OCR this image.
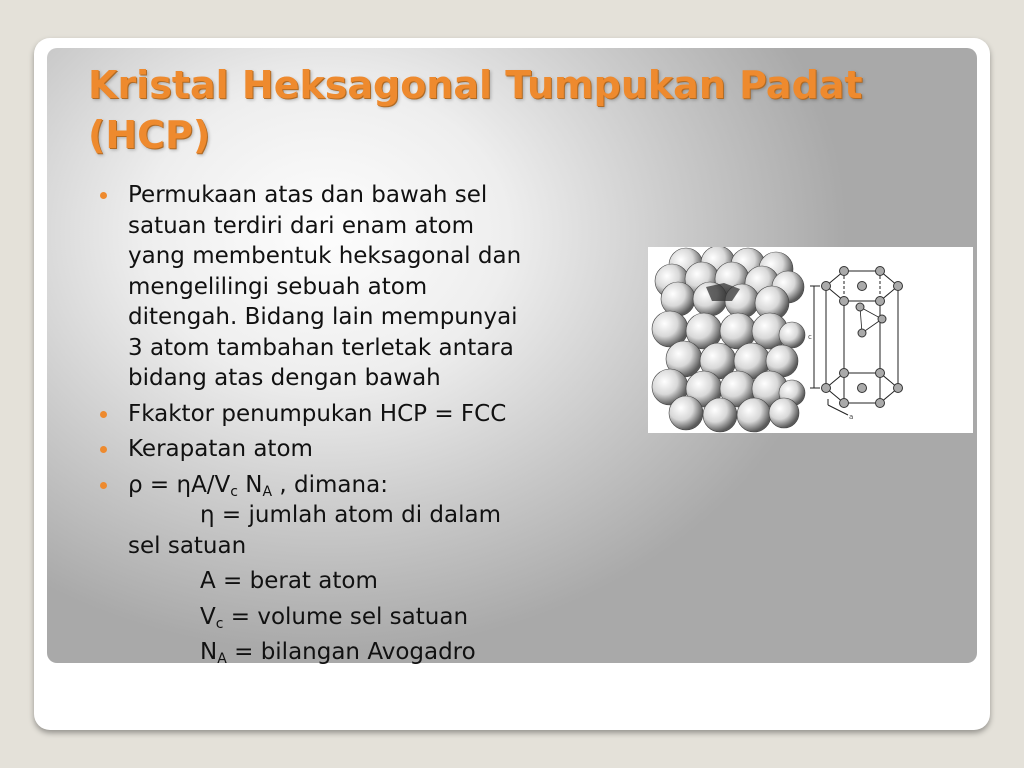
Kristal Heksagonal Tumpukan Padat
(HCP)
Permukaan atas dan bawah sel
satuan terdiri dari enam atom
yang membentuk heksagonal dan
mengelilingi sebuah atom
ditengah. Bidang lain mempunyai
3 atom tambahan terletak antara
bidang atas dengan bawah
Fkaktor penumpukan HCP = FCC
Kerapatan atom
$\rho = \eta A/V_c$ $N_A$ , dimana:
η = jumlah atom di dalam
sel satuan
A = berat atom
$V_c$ = volume sel satuan
$N_A$ = bilangan Avogadro
c
a
